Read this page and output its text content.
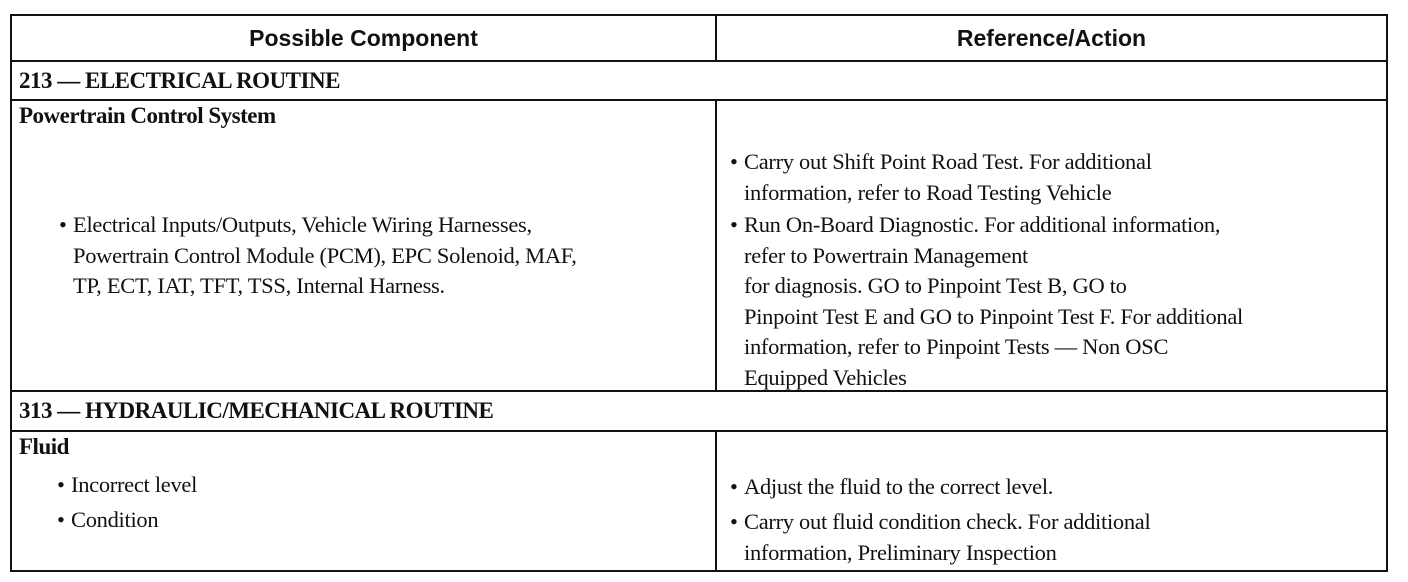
Possible Component	Reference/Action
213 — ELECTRICAL ROUTINE
Powertrain Control System
• Electrical Inputs/Outputs, Vehicle Wiring Harnesses,
Powertrain Control Module (PCM), EPC Solenoid, MAF,
TP, ECT, IAT, TFT, TSS, Internal Harness.
• Carry out Shift Point Road Test. For additional
information, refer to Road Testing Vehicle
• Run On-Board Diagnostic. For additional information,
refer to Powertrain Management
for diagnosis. GO to Pinpoint Test B, GO to
Pinpoint Test E and GO to Pinpoint Test F. For additional
information, refer to Pinpoint Tests — Non OSC
Equipped Vehicles
313 — HYDRAULIC/MECHANICAL ROUTINE
Fluid
• Incorrect level
• Condition
• Adjust the fluid to the correct level.
• Carry out fluid condition check. For additional
information, Preliminary Inspection
